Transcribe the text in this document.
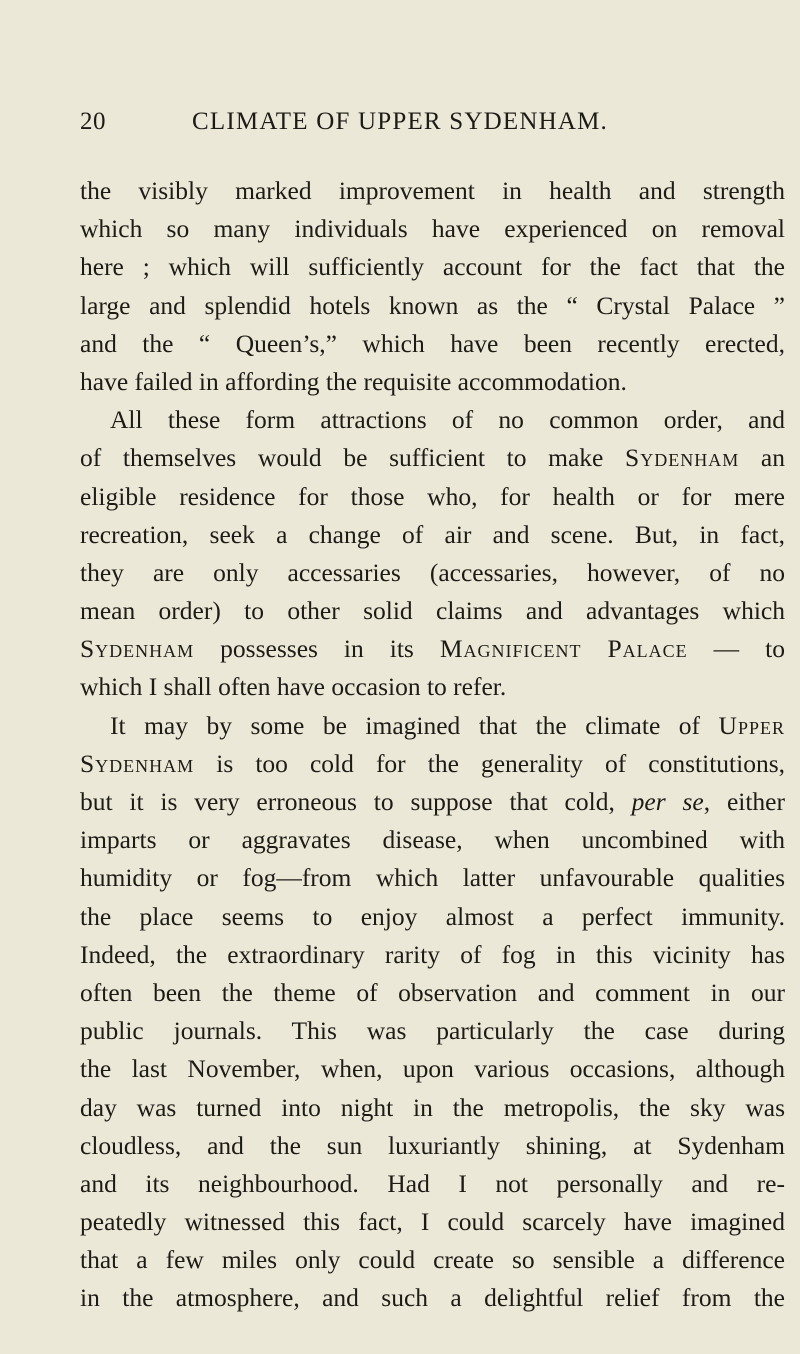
20	CLIMATE OF UPPER SYDENHAM.
the visibly marked improvement in health and strength
which so many individuals have experienced on removal
here ; which will sufficiently account for the fact that the
large and splendid hotels known as the “ Crystal Palace ”
and the “ Queen’s,” which have been recently erected,
have failed in affording the requisite accommodation.
All these form attractions of no common order, and
of themselves would be sufficient to make Sydenham an
eligible residence for those who, for health or for mere
recreation, seek a change of air and scene. But, in fact,
they are only accessaries (accessaries, however, of no
mean order) to other solid claims and advantages which
Sydenham possesses in its Magnificent Palace — to
which I shall often have occasion to refer.
It may by some be imagined that the climate of Upper
Sydenham is too cold for the generality of constitutions,
but it is very erroneous to suppose that cold, per se, either
imparts or aggravates disease, when uncombined with
humidity or fog—from which latter unfavourable qualities
the place seems to enjoy almost a perfect immunity.
Indeed, the extraordinary rarity of fog in this vicinity has
often been the theme of observation and comment in our
public journals. This was particularly the case during
the last November, when, upon various occasions, although
day was turned into night in the metropolis, the sky was
cloudless, and the sun luxuriantly shining, at Sydenham
and its neighbourhood. Had I not personally and re-
peatedly witnessed this fact, I could scarcely have imagined
that a few miles only could create so sensible a difference
in the atmosphere, and such a delightful relief from the
